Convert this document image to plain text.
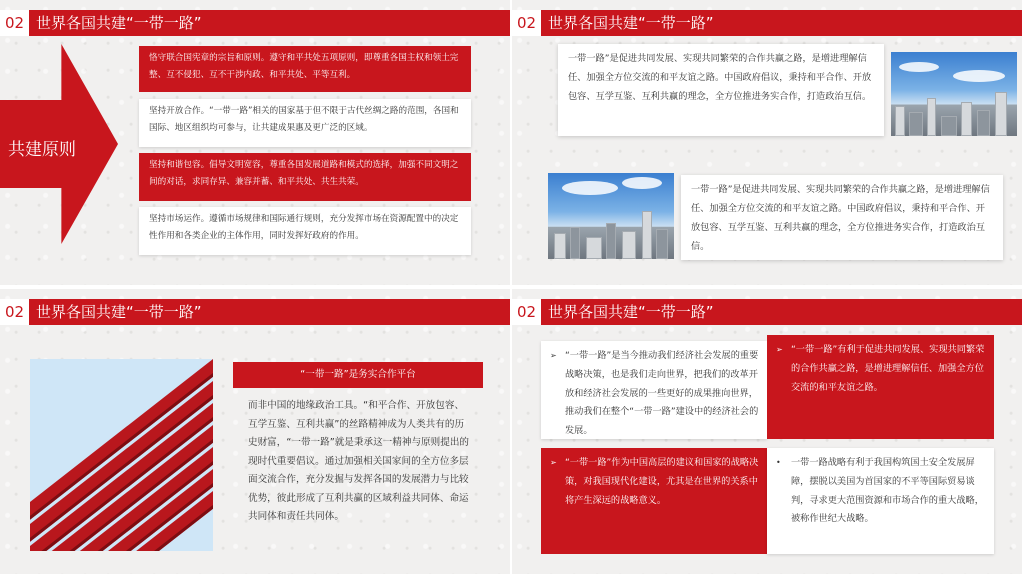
02 世界各国共建“一带一路”
共建原则
恪守联合国宪章的宗旨和原则。遵守和平共处五项原则，即尊重各国主权和领土完整、互不侵犯、互不干涉内政、和平共处、平等互利。
坚持开放合作。“一带一路”相关的国家基于但不限于古代丝绸之路的范围，各国和国际、地区组织均可参与，让共建成果惠及更广泛的区域。
坚持和谐包容。倡导文明宽容，尊重各国发展道路和模式的选择，加强不同文明之间的对话，求同存异、兼容并蓄、和平共处、共生共荣。
坚持市场运作。遵循市场规律和国际通行规则，充分发挥市场在资源配置中的决定性作用和各类企业的主体作用，同时发挥好政府的作用。
02 世界各国共建“一带一路”
一带一路”是促进共同发展、实现共同繁荣的合作共赢之路，是增进理解信任、加强全方位交流的和平友谊之路。中国政府倡议，秉持和平合作、开放包容、互学互鉴、互利共赢的理念，全方位推进务实合作，打造政治互信。
一带一路”是促进共同发展、实现共同繁荣的合作共赢之路，是增进理解信任、加强全方位交流的和平友谊之路。中国政府倡议，秉持和平合作、开放包容、互学互鉴、互利共赢的理念，全方位推进务实合作，打造政治互信。
02 世界各国共建“一带一路”
“一带一路”是务实合作平台
而非中国的地缘政治工具。“和平合作、开放包容、互学互鉴、互利共赢”的丝路精神成为人类共有的历史财富，“一带一路”就是秉承这一精神与原则提出的现时代重要倡议。通过加强相关国家间的全方位多层面交流合作，充分发掘与发挥各国的发展潜力与比较优势，彼此形成了互利共赢的区域利益共同体、命运共同体和责任共同体。
02 世界各国共建“一带一路”
➢ “一带一路”是当今推动我们经济社会发展的重要战略决策，也是我们走向世界，把我们的改革开放和经济社会发展的一些更好的成果推向世界，推动我们在整个“一带一路”建设中的经济社会的发展。
➢ “一带一路”有利于促进共同发展、实现共同繁荣的合作共赢之路，是增进理解信任、加强全方位交流的和平友谊之路。
➢ “一带一路”作为中国高层的建议和国家的战略决策，对我国现代化建设，尤其是在世界的关系中将产生深远的战略意义。
• 一带一路战略有利于我国构筑国土安全发展屏障，摆脱以美国为首国家的不平等国际贸易谈判，寻求更大范围资源和市场合作的重大战略，被称作世纪大战略。
